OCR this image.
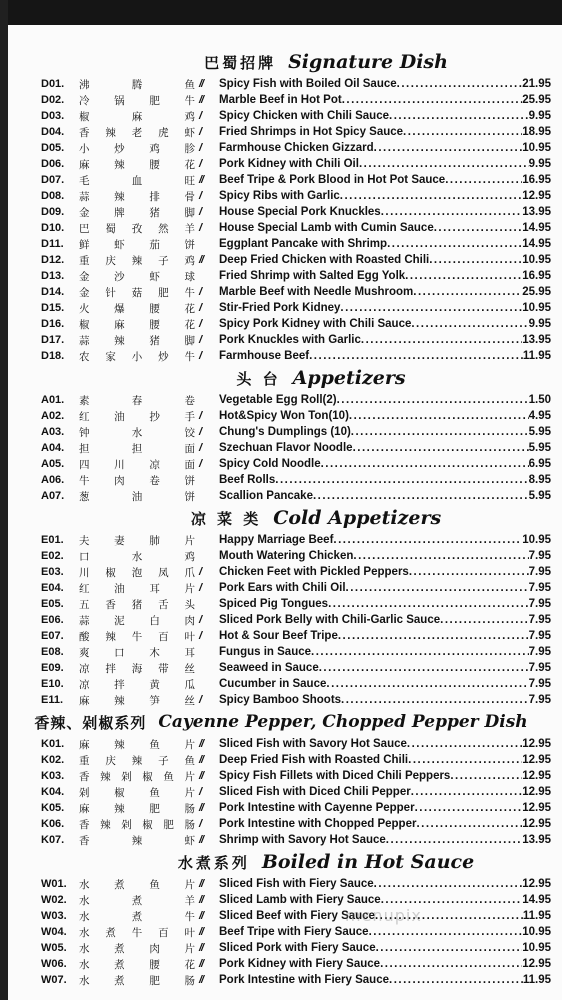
巴蜀招牌 Signature Dish
D01.	沸	腾	鱼 //	Spicy Fish with Boiled Oil Sauce .....	21.95
D02.	冷 锅 肥 牛 //	Marble Beef in Hot Pot .....	25.95
D03.	椒	麻	鸡 /	Spicy Chicken with Chili Sauce .....	9.95
D04.	香 辣 老 虎 虾 /	Fried Shrimps in Hot Spicy Sauce .....	18.95
D05.	小 炒 鸡 胗 /	Farmhouse Chicken Gizzard .....	10.95
D06.	麻 辣 腰 花 /	Pork Kidney with Chili Oil .....	9.95
D07.	毛	血	旺 //	Beef Tripe & Pork Blood in Hot Pot Sauce .....	16.95
D08.	蒜 辣 排 骨 /	Spicy Ribs with Garlic .....	12.95
D09.	金 牌 猪 脚 /	House Special Pork Knuckles .....	13.95
D10.	巴 蜀 孜 然 羊 /	House Special Lamb with Cumin Sauce .....	14.95
D11.	鲜 虾 茄 饼 Eggplant Pancake with Shrimp .....	14.95
D12.	重 庆 辣 子 鸡 //	Deep Fried Chicken with Roasted Chili .....	10.95
D13.	金 沙 虾 球 Fried Shrimp with Salted Egg Yolk .....	16.95
D14.	金 针 菇 肥 牛 /	Marble Beef with Needle Mushroom .....	25.95
D15.	火 爆 腰 花 /	Stir-Fried Pork Kidney .....	10.95
D16.	椒 麻 腰 花 /	Spicy Pork Kidney with Chili Sauce .....	9.95
D17.	蒜 辣 猪 脚 /	Pork Knuckles with Garlic .....	13.95
D18.	农 家 小 炒 牛 /	Farmhouse Beef .....	11.95
头 台 Appetizers
A01.	素	春	卷 Vegetable Egg Roll(2) .....	1.50
A02.	红 油 抄 手 /	Hot&Spicy Won Ton(10) .....	4.95
A03.	钟	水	饺 /	Chung's Dumplings (10) .....	5.95
A04.	担	担	面 /	Szechuan Flavor Noodle .....	5.95
A05.	四 川 凉 面 /	Spicy Cold Noodle .....	6.95
A06.	牛 肉 卷 饼 Beef Rolls .....	8.95
A07.	葱	油	饼 Scallion Pancake .....	5.95
凉 菜 类 Cold Appetizers
E01.	夫 妻 肺 片 Happy Marriage Beef .....	10.95
E02.	口	水	鸡 Mouth Watering Chicken .....	7.95
E03.	川 椒 泡 凤 爪 /	Chicken Feet with Pickled Peppers .....	7.95
E04.	红 油 耳 片 /	Pork Ears with Chili Oil .....	7.95
E05.	五 香 猪 舌 头 Spiced Pig Tongues .....	7.95
E06.	蒜 泥 白 肉 /	Sliced Pork Belly with Chili-Garlic Sauce .....	7.95
E07.	酸 辣 牛 百 叶 /	Hot & Sour Beef Tripe .....	7.95
E08.	爽 口 木 耳 Fungus in Sauce .....	7.95
E09.	凉 拌 海 带 丝 Seaweed in Sauce .....	7.95
E10.	凉 拌 黄 瓜 Cucumber in Sauce .....	7.95
E11.	麻 辣 笋 丝 /	Spicy Bamboo Shoots .....	7.95
香辣、剁椒系列 Cayenne Pepper, Chopped Pepper Dish
K01.	麻 辣 鱼 片 //	Sliced Fish with Savory Hot Sauce .....	12.95
K02.	重 庆 辣 子 鱼 //	Deep Fried Fish with Roasted Chili .....	12.95
K03.	香 辣 剁 椒 鱼 片 //	Spicy Fish Fillets with Diced Chili Peppers .....	12.95
K04.	剁 椒 鱼 片 /	Sliced Fish with Diced Chili Pepper .....	12.95
K05.	麻 辣 肥 肠 //	Pork Intestine with Cayenne Pepper .....	12.95
K06.	香 辣 剁 椒 肥 肠 /	Pork Intestine with Chopped Pepper .....	12.95
K07.	香	辣	虾 //	Shrimp with Savory Hot Sauce .....	13.95
水煮系列 Boiled in Hot Sauce
W01.	水 煮 鱼 片 //	Sliced Fish with Fiery Sauce .....	12.95
W02.	水	煮	羊 //	Sliced Lamb with Fiery Sauce .....	14.95
W03.	水	煮	牛 //	Sliced Beef with Fiery Sauce .....	11.95
W04.	水 煮 牛 百 叶 //	Beef Tripe with Fiery Sauce .....	10.95
W05.	水 煮 肉 片 //	Sliced Pork with Fiery Sauce .....	10.95
W06.	水 煮 腰 花 //	Pork Kidney with Fiery Sauce .....	12.95
W07.	水 煮 肥 肠 //	Pork Intestine with Fiery Sauce .....	11.95
menupix
